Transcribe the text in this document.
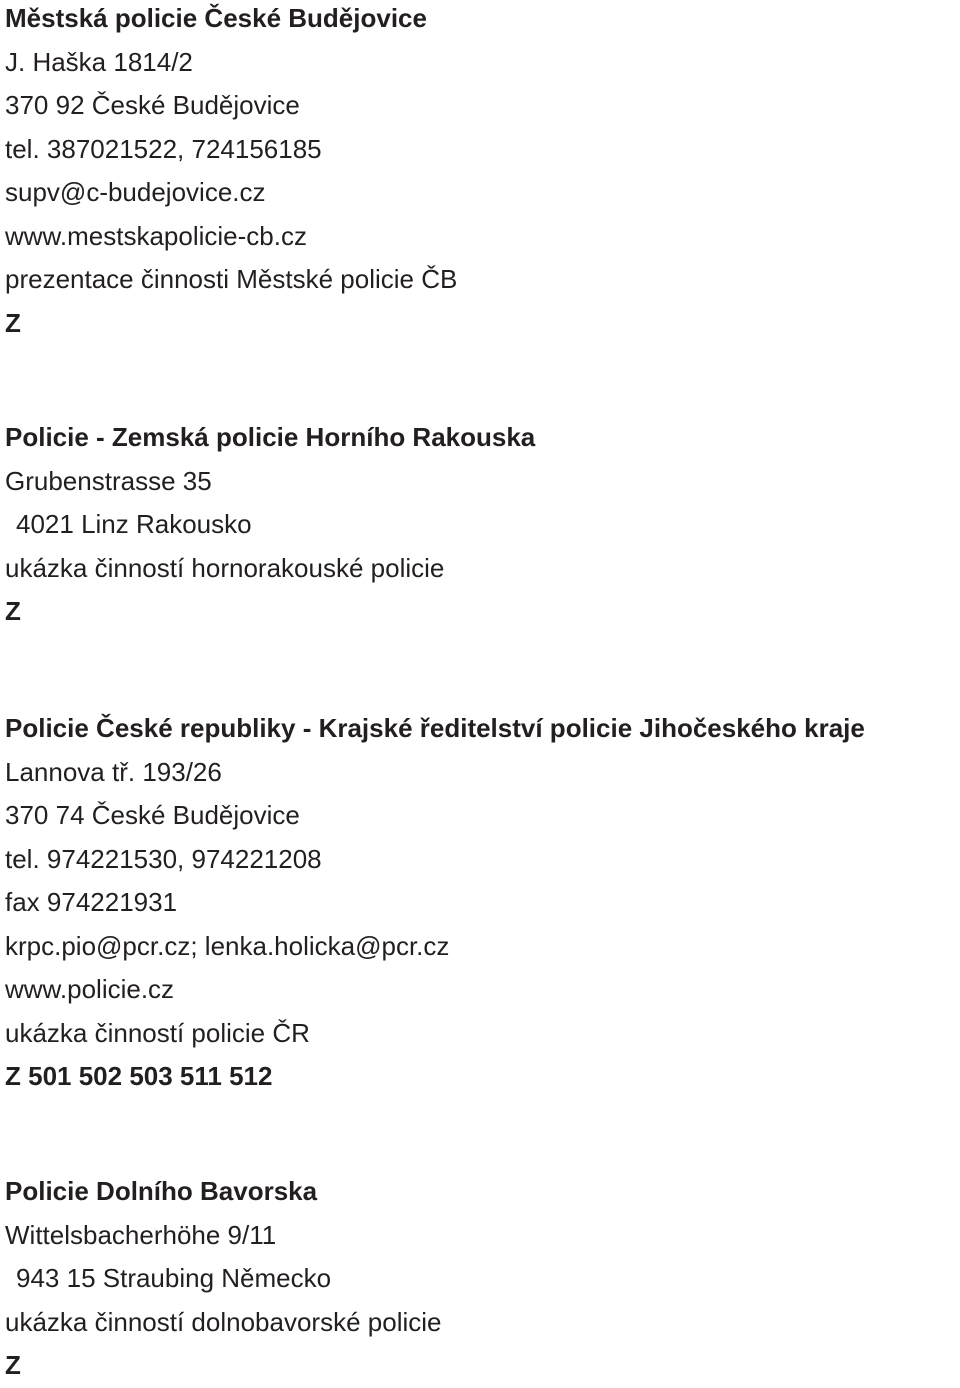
Městská policie České Budějovice
J. Haška 1814/2
370 92 České Budějovice
tel. 387021522, 724156185
supv@c-budejovice.cz
www.mestskapolicie-cb.cz
prezentace činnosti Městské policie ČB
Z
Policie - Zemská policie Horního Rakouska
Grubenstrasse 35
4021 Linz Rakousko
ukázka činností hornorakouské policie
Z
Policie České republiky - Krajské ředitelství policie Jihočeského kraje
Lannova tř. 193/26
370 74 České Budějovice
tel. 974221530, 974221208
fax 974221931
krpc.pio@pcr.cz; lenka.holicka@pcr.cz
www.policie.cz
ukázka činností policie ČR
Z 501 502 503 511 512
Policie Dolního Bavorska
Wittelsbacherhöhe 9/11
943 15 Straubing Německo
ukázka činností dolnobavorské policie
Z
